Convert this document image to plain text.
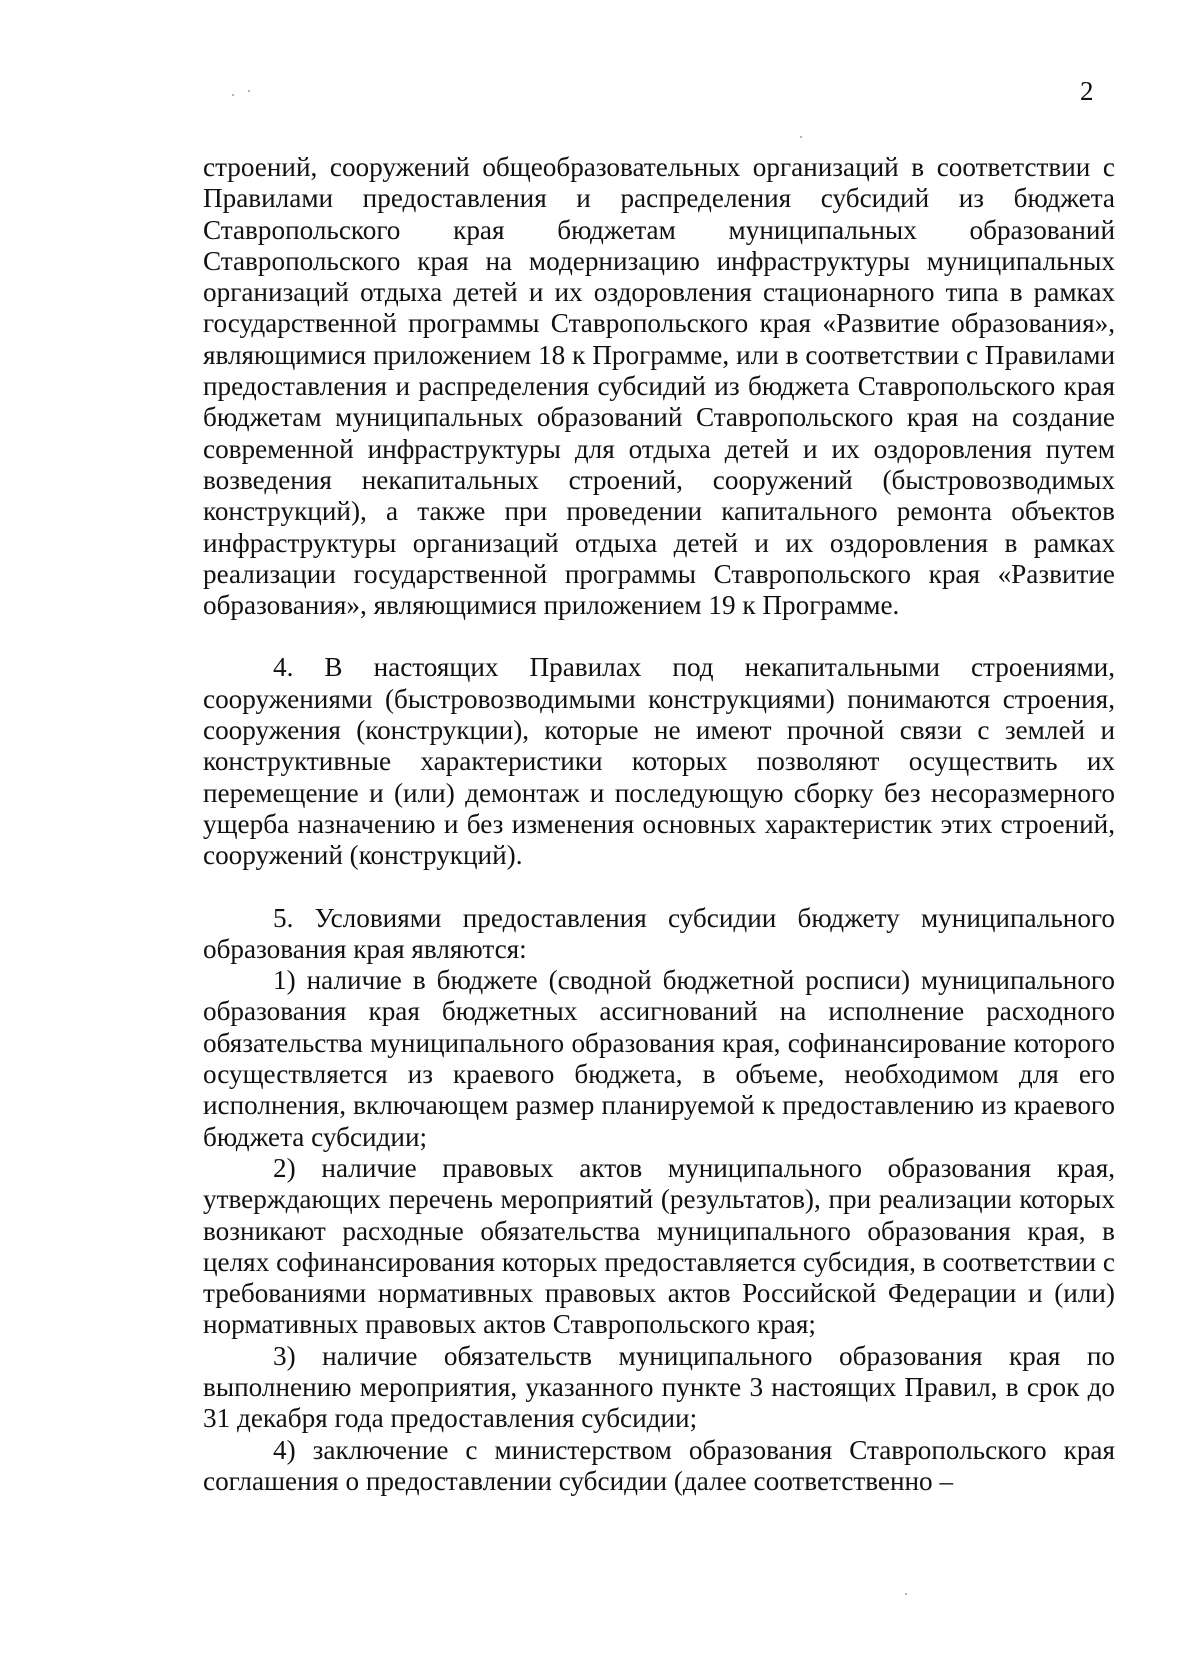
2

строений, сооружений общеобразовательных организаций в соответствии с Правилами предоставления и распределения субсидий из бюджета Ставропольского края бюджетам муниципальных образований Ставропольского края на модернизацию инфраструктуры муниципальных организаций отдыха детей и их оздоровления стационарного типа в рамках государственной программы Ставропольского края «Развитие образования», являющимися приложением 18 к Программе, или в соответствии с Правилами предоставления и распределения субсидий из бюджета Ставропольского края бюджетам муниципальных образований Ставропольского края на создание современной инфраструктуры для отдыха детей и их оздоровления путем возведения некапитальных строений, сооружений (быстровозводимых конструкций), а также при проведении капитального ремонта объектов инфраструктуры организаций отдыха детей и их оздоровления в рамках реализации государственной программы Ставропольского края «Развитие образования», являющимися приложением 19 к Программе.

4. В настоящих Правилах под некапитальными строениями, сооружениями (быстровозводимыми конструкциями) понимаются строения, сооружения (конструкции), которые не имеют прочной связи с землей и конструктивные характеристики которых позволяют осуществить их перемещение и (или) демонтаж и последующую сборку без несоразмерного ущерба назначению и без изменения основных характеристик этих строений, сооружений (конструкций).

5. Условиями предоставления субсидии бюджету муниципального образования края являются:

1) наличие в бюджете (сводной бюджетной росписи) муниципального образования края бюджетных ассигнований на исполнение расходного обязательства муниципального образования края, софинансирование которого осуществляется из краевого бюджета, в объеме, необходимом для его исполнения, включающем размер планируемой к предоставлению из краевого бюджета субсидии;

2) наличие правовых актов муниципального образования края, утверждающих перечень мероприятий (результатов), при реализации которых возникают расходные обязательства муниципального образования края, в целях софинансирования которых предоставляется субсидия, в соответствии с требованиями нормативных правовых актов Российской Федерации и (или) нормативных правовых актов Ставропольского края;

3) наличие обязательств муниципального образования края по выполнению мероприятия, указанного пункте 3 настоящих Правил, в срок до 31 декабря года предоставления субсидии;

4) заключение с министерством образования Ставропольского края соглашения о предоставлении субсидии (далее соответственно –
